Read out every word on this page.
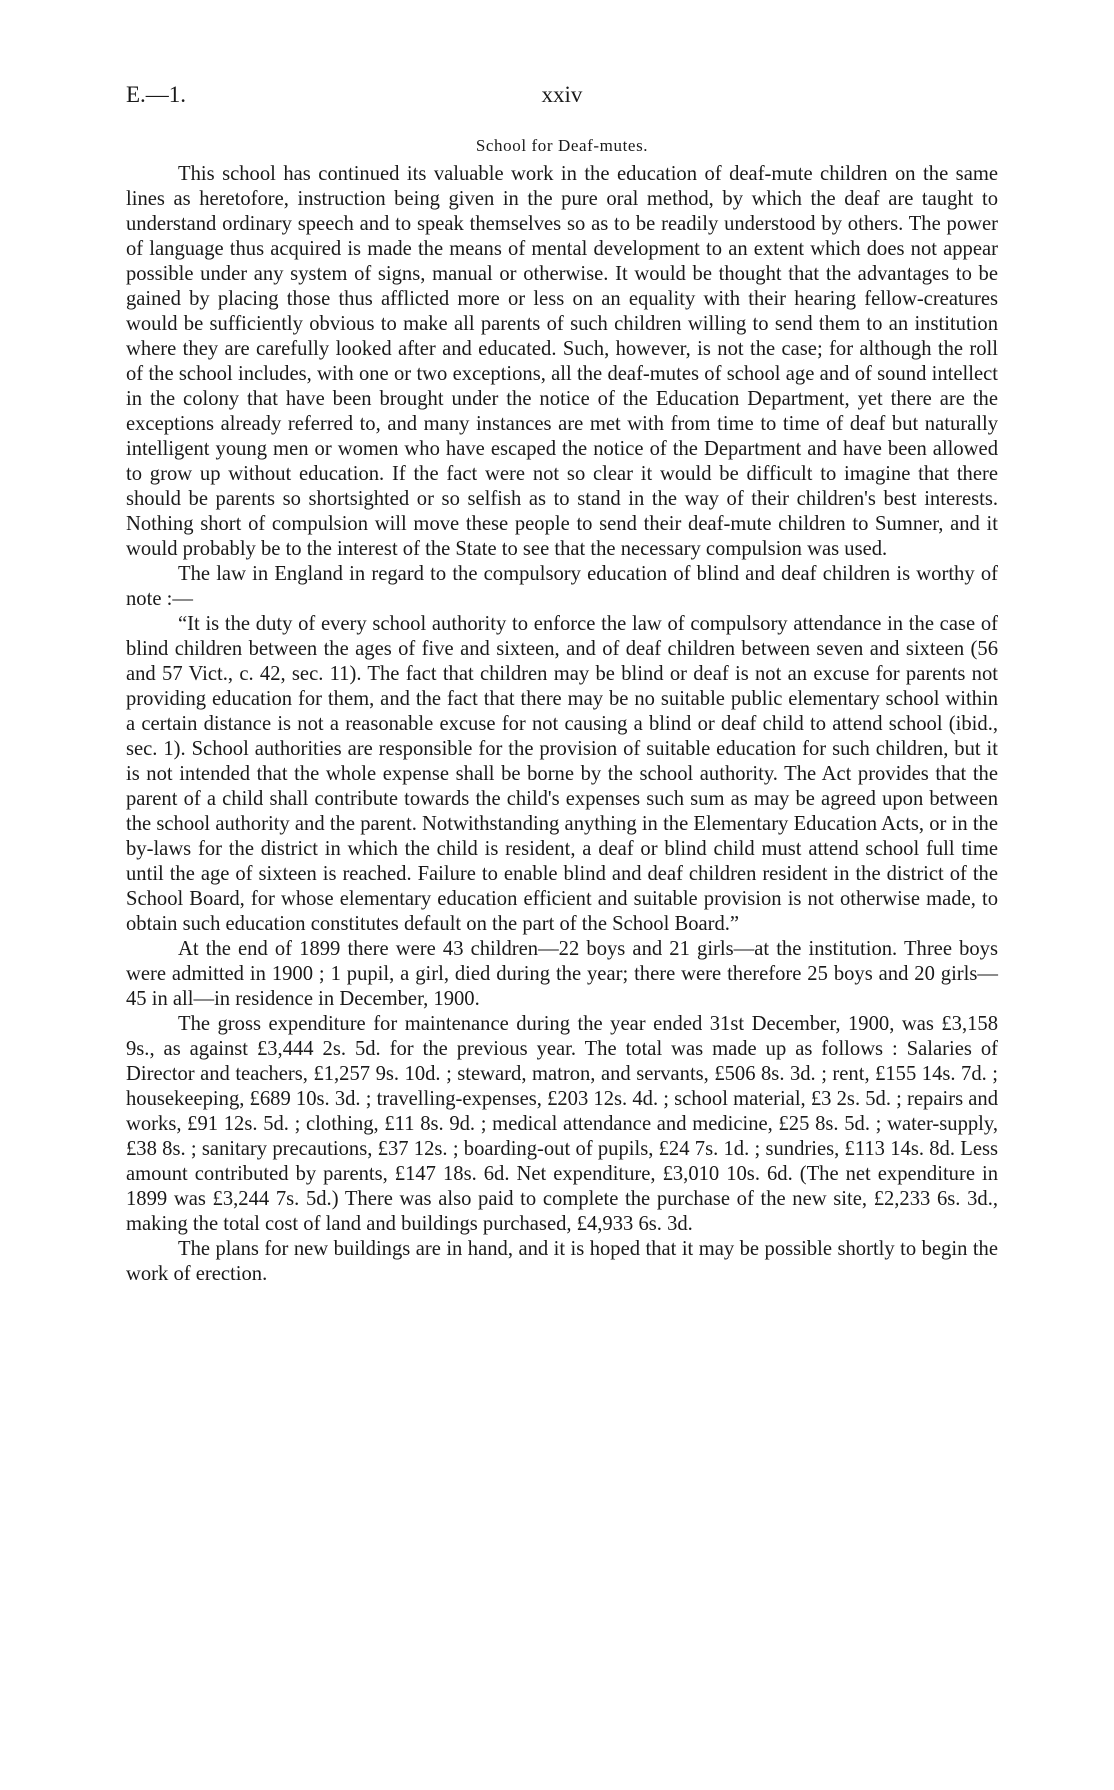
E.—1.	xxiv
School for Deaf-mutes.

This school has continued its valuable work in the education of deaf-mute children on the same lines as heretofore, instruction being given in the pure oral method, by which the deaf are taught to understand ordinary speech and to speak themselves so as to be readily understood by others. The power of language thus acquired is made the means of mental development to an extent which does not appear possible under any system of signs, manual or otherwise. It would be thought that the advantages to be gained by placing those thus afflicted more or less on an equality with their hearing fellow-creatures would be sufficiently obvious to make all parents of such children willing to send them to an institution where they are carefully looked after and educated. Such, however, is not the case; for although the roll of the school includes, with one or two exceptions, all the deaf-mutes of school age and of sound intellect in the colony that have been brought under the notice of the Education Department, yet there are the exceptions already referred to, and many instances are met with from time to time of deaf but naturally intelligent young men or women who have escaped the notice of the Department and have been allowed to grow up without education. If the fact were not so clear it would be difficult to imagine that there should be parents so shortsighted or so selfish as to stand in the way of their children's best interests. Nothing short of compulsion will move these people to send their deaf-mute children to Sumner, and it would probably be to the interest of the State to see that the necessary compulsion was used.

The law in England in regard to the compulsory education of blind and deaf children is worthy of note :—

“It is the duty of every school authority to enforce the law of compulsory attendance in the case of blind children between the ages of five and sixteen, and of deaf children between seven and sixteen (56 and 57 Vict., c. 42, sec. 11). The fact that children may be blind or deaf is not an excuse for parents not providing education for them, and the fact that there may be no suitable public elementary school within a certain distance is not a reasonable excuse for not causing a blind or deaf child to attend school (ibid., sec. 1). School authorities are responsible for the provision of suitable education for such children, but it is not intended that the whole expense shall be borne by the school authority. The Act provides that the parent of a child shall contribute towards the child's expenses such sum as may be agreed upon between the school authority and the parent. Notwithstanding anything in the Elementary Education Acts, or in the by-laws for the district in which the child is resident, a deaf or blind child must attend school full time until the age of sixteen is reached. Failure to enable blind and deaf children resident in the district of the School Board, for whose elementary education efficient and suitable provision is not otherwise made, to obtain such education constitutes default on the part of the School Board.”

At the end of 1899 there were 43 children—22 boys and 21 girls—at the institution. Three boys were admitted in 1900 ; 1 pupil, a girl, died during the year; there were therefore 25 boys and 20 girls—45 in all—in residence in December, 1900.

The gross expenditure for maintenance during the year ended 31st December, 1900, was £3,158 9s., as against £3,444 2s. 5d. for the previous year. The total was made up as follows : Salaries of Director and teachers, £1,257 9s. 10d. ; steward, matron, and servants, £506 8s. 3d. ; rent, £155 14s. 7d. ; housekeeping, £689 10s. 3d. ; travelling-expenses, £203 12s. 4d. ; school material, £3 2s. 5d. ; repairs and works, £91 12s. 5d. ; clothing, £11 8s. 9d. ; medical attendance and medicine, £25 8s. 5d. ; water-supply, £38 8s. ; sanitary precautions, £37 12s. ; boarding-out of pupils, £24 7s. 1d. ; sundries, £113 14s. 8d. Less amount contributed by parents, £147 18s. 6d. Net expenditure, £3,010 10s. 6d. (The net expenditure in 1899 was £3,244 7s. 5d.) There was also paid to complete the purchase of the new site, £2,233 6s. 3d., making the total cost of land and buildings purchased, £4,933 6s. 3d.

The plans for new buildings are in hand, and it is hoped that it may be possible shortly to begin the work of erection.
